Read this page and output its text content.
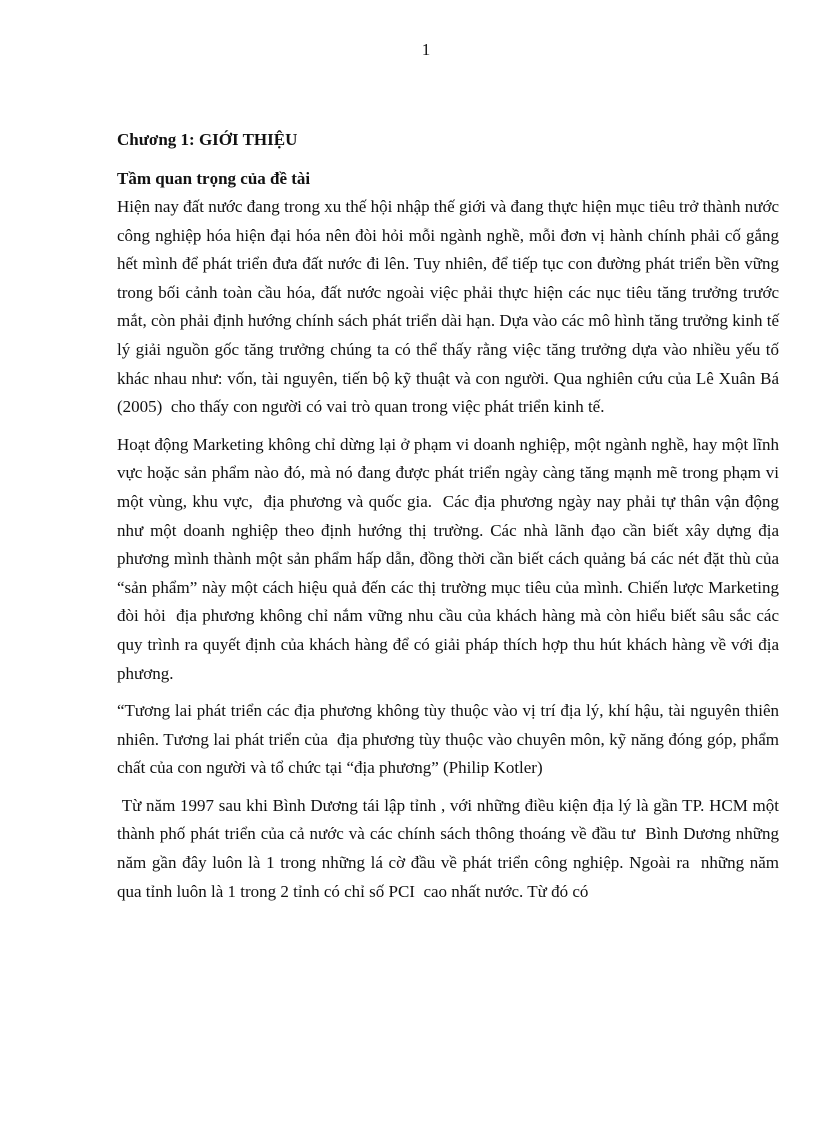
1
Chương 1: GIỚI THIỆU
Tầm quan trọng của đề tài

Hiện nay đất nước đang trong xu thế hội nhập thế giới và đang thực hiện mục tiêu trở thành nước công nghiệp hóa hiện đại hóa nên đòi hỏi mỗi ngành nghề, mỗi đơn vị hành chính phải cố gắng hết mình để phát triển đưa đất nước đi lên. Tuy nhiên, để tiếp tục con đường phát triển bền vững trong bối cảnh toàn cầu hóa, đất nước ngoài việc phải thực hiện các nục tiêu tăng trưởng trước mắt, còn phải định hướng chính sách phát triển dài hạn. Dựa vào các mô hình tăng trưởng kinh tế lý giải nguồn gốc tăng trưởng chúng ta có thể thấy rằng việc tăng trưởng dựa vào nhiều yếu tố khác nhau như: vốn, tài nguyên, tiến bộ kỹ thuật và con người. Qua nghiên cứu của Lê Xuân Bá (2005)  cho thấy con người có vai trò quan trong việc phát triển kinh tế.

Hoạt động Marketing không chỉ dừng lại ở phạm vi doanh nghiệp, một ngành nghề, hay một lĩnh vực hoặc sản phẩm nào đó, mà nó đang được phát triển ngày càng tăng mạnh mẽ trong phạm vi một vùng, khu vực,  địa phương và quốc gia.  Các địa phương ngày nay phải tự thân vận động như một doanh nghiệp theo định hướng thị trường. Các nhà lãnh đạo cần biết xây dựng địa phương mình thành một sản phẩm hấp dẫn, đồng thời cần biết cách quảng bá các nét đặt thù của “sản phẩm” này một cách hiệu quả đến các thị trường mục tiêu của mình. Chiến lược Marketing  đòi hỏi  địa phương không chỉ nắm vững nhu cầu của khách hàng mà còn hiểu biết sâu sắc các quy trình ra quyết định của khách hàng để có giải pháp thích hợp thu hút khách hàng về với địa phương.

“Tương lai phát triển các địa phương không tùy thuộc vào vị trí địa lý, khí hậu, tài nguyên thiên nhiên. Tương lai phát triển của  địa phương tùy thuộc vào chuyên môn, kỹ năng đóng góp, phẩm chất của con người và tổ chức tại “địa phương” (Philip Kotler)

Từ năm 1997 sau khi Bình Dương tái lập tỉnh , với những điều kiện địa lý là gần TP. HCM một thành phố phát triển của cả nước và các chính sách thông thoáng về đầu tư  Bình Dương những năm gần đây luôn là 1 trong những lá cờ đầu về phát triển công nghiệp. Ngoài ra  những năm qua tỉnh luôn là 1 trong 2 tỉnh có chỉ số PCI  cao nhất nước. Từ đó có
